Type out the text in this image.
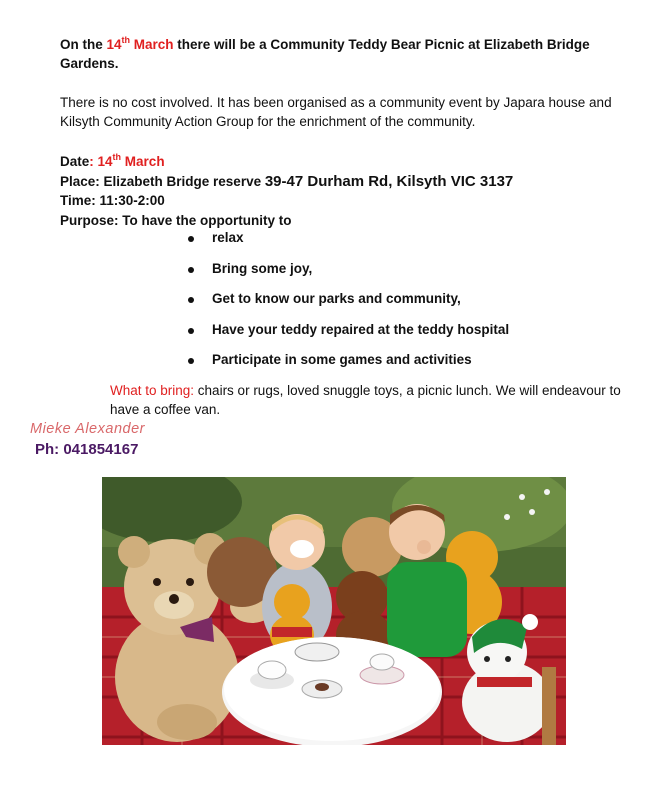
On the 14th March there will be a Community Teddy Bear Picnic at Elizabeth Bridge Gardens.

There is no cost involved. It has been organised as a community event by Japara house and Kilsyth Community Action Group for the enrichment of the community.

Date: 14th March
Place: Elizabeth Bridge reserve 39-47 Durham Rd, Kilsyth VIC 3137
Time: 11:30-2:00
Purpose: To have the opportunity to
relax
Bring some joy,
Get to know our parks and community,
Have your teddy repaired at the teddy hospital
Participate in some games and activities

What to bring: chairs or rugs, loved snuggle toys, a picnic lunch. We will endeavour to have a coffee van.

Mieke Alexander
Ph: 041854167
